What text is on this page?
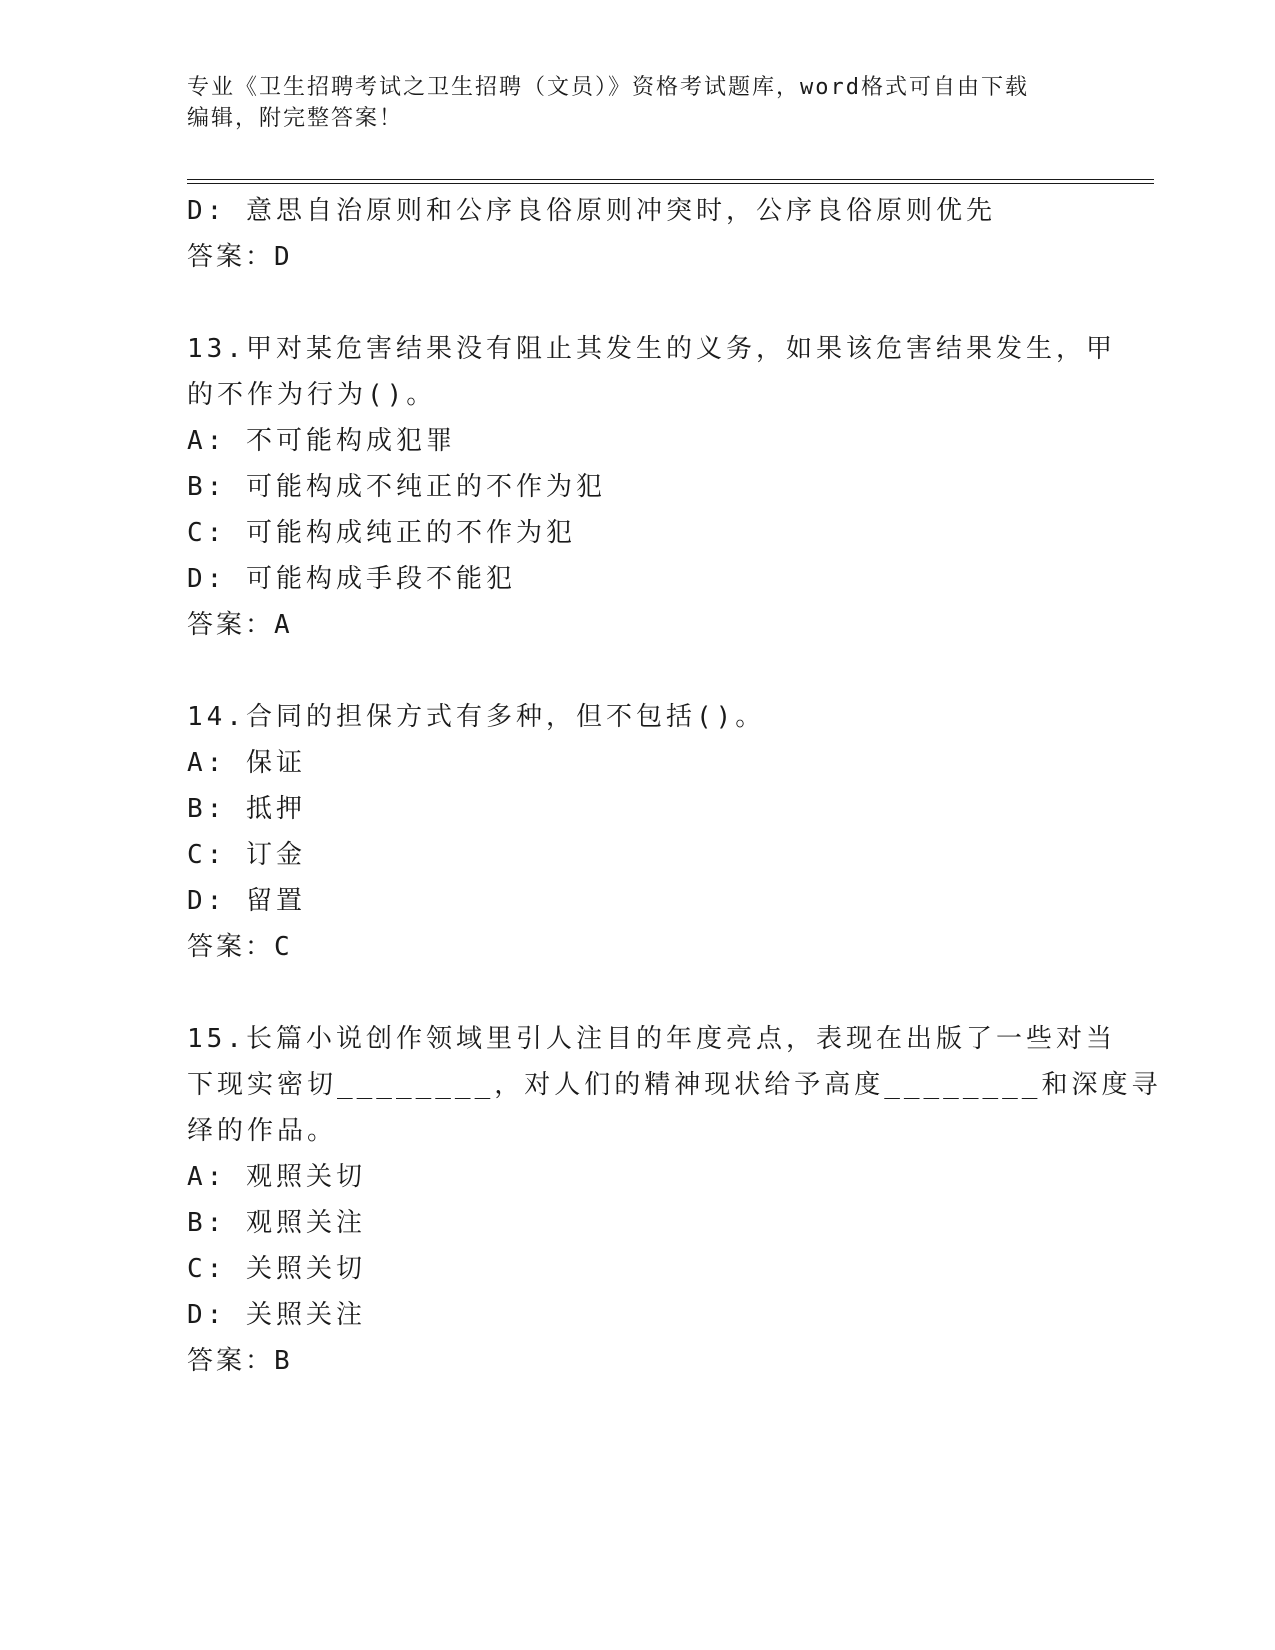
专业《卫生招聘考试之卫生招聘（文员）》资格考试题库，word格式可自由下载
编辑，附完整答案！
D: 意思自治原则和公序良俗原则冲突时，公序良俗原则优先
答案：D
13.甲对某危害结果没有阻止其发生的义务，如果该危害结果发生，甲
的不作为行为()。
A: 不可能构成犯罪
B: 可能构成不纯正的不作为犯
C: 可能构成纯正的不作为犯
D: 可能构成手段不能犯
答案：A
14.合同的担保方式有多种，但不包括()。
A: 保证
B: 抵押
C: 订金
D: 留置
答案：C
15.长篇小说创作领域里引人注目的年度亮点，表现在出版了一些对当
下现实密切________，对人们的精神现状给予高度________和深度寻
绎的作品。
A: 观照关切
B: 观照关注
C: 关照关切
D: 关照关注
答案：B
